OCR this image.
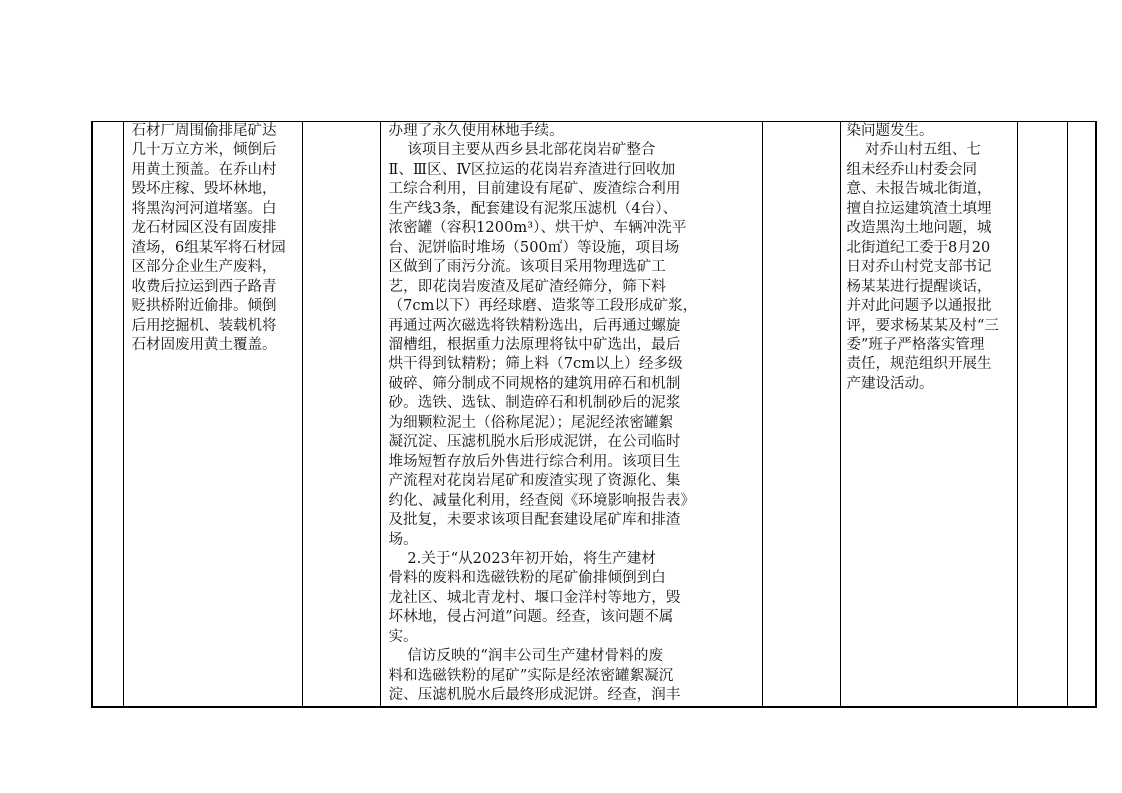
石材厂周围偷排尾矿达
几十万立方米，倾倒后
用黄土预盖。在乔山村
毁坏庄稼、毁坏林地，
将黑沟河河道堵塞。白
龙石材园区没有固废排
渣场，6组某军将石材园
区部分企业生产废料，
收费后拉运到西子路青
贬拱桥附近偷排。倾倒
后用挖掘机、装载机将
石材固废用黄土覆盖。

办理了永久使用林地手续。
该项目主要从西乡县北部花岗岩矿整合
Ⅱ、Ⅲ区、Ⅳ区拉运的花岗岩弃渣进行回收加
工综合利用，目前建设有尾矿、废渣综合利用
生产线3条，配套建设有泥浆压滤机（4台）、
浓密罐（容积1200m³）、烘干炉、车辆冲洗平
台、泥饼临时堆场（500㎡）等设施，项目场
区做到了雨污分流。该项目采用物理选矿工
艺，即花岗岩废渣及尾矿渣经筛分，筛下料
（7cm以下）再经球磨、造浆等工段形成矿浆，
再通过两次磁选将铁精粉选出，后再通过螺旋
溜槽组，根据重力法原理将钛中矿选出，最后
烘干得到钛精粉；筛上料（7cm以上）经多级
破碎、筛分制成不同规格的建筑用碎石和机制
砂。选铁、选钛、制造碎石和机制砂后的泥浆
为细颗粒泥土（俗称尾泥）；尾泥经浓密罐絮
凝沉淀、压滤机脱水后形成泥饼，在公司临时
堆场短暂存放后外售进行综合利用。该项目生
产流程对花岗岩尾矿和废渣实现了资源化、集
约化、减量化利用，经查阅《环境影响报告表》
及批复，未要求该项目配套建设尾矿库和排渣
场。
2.关于“从2023年初开始，将生产建材
骨料的废料和选磁铁粉的尾矿偷排倾倒到白
龙社区、城北青龙村、堰口金洋村等地方，毁
坏林地，侵占河道”问题。经查，该问题不属
实。
信访反映的“润丰公司生产建材骨料的废
料和选磁铁粉的尾矿”实际是经浓密罐絮凝沉
淀、压滤机脱水后最终形成泥饼。经查，润丰

染问题发生。
对乔山村五组、七
组未经乔山村委会同
意、未报告城北街道，
擅自拉运建筑渣土填埋
改造黑沟土地问题，城
北街道纪工委于8月20
日对乔山村党支部书记
杨某某进行提醒谈话，
并对此问题予以通报批
评，要求杨某某及村“三
委”班子严格落实管理
责任，规范组织开展生
产建设活动。
